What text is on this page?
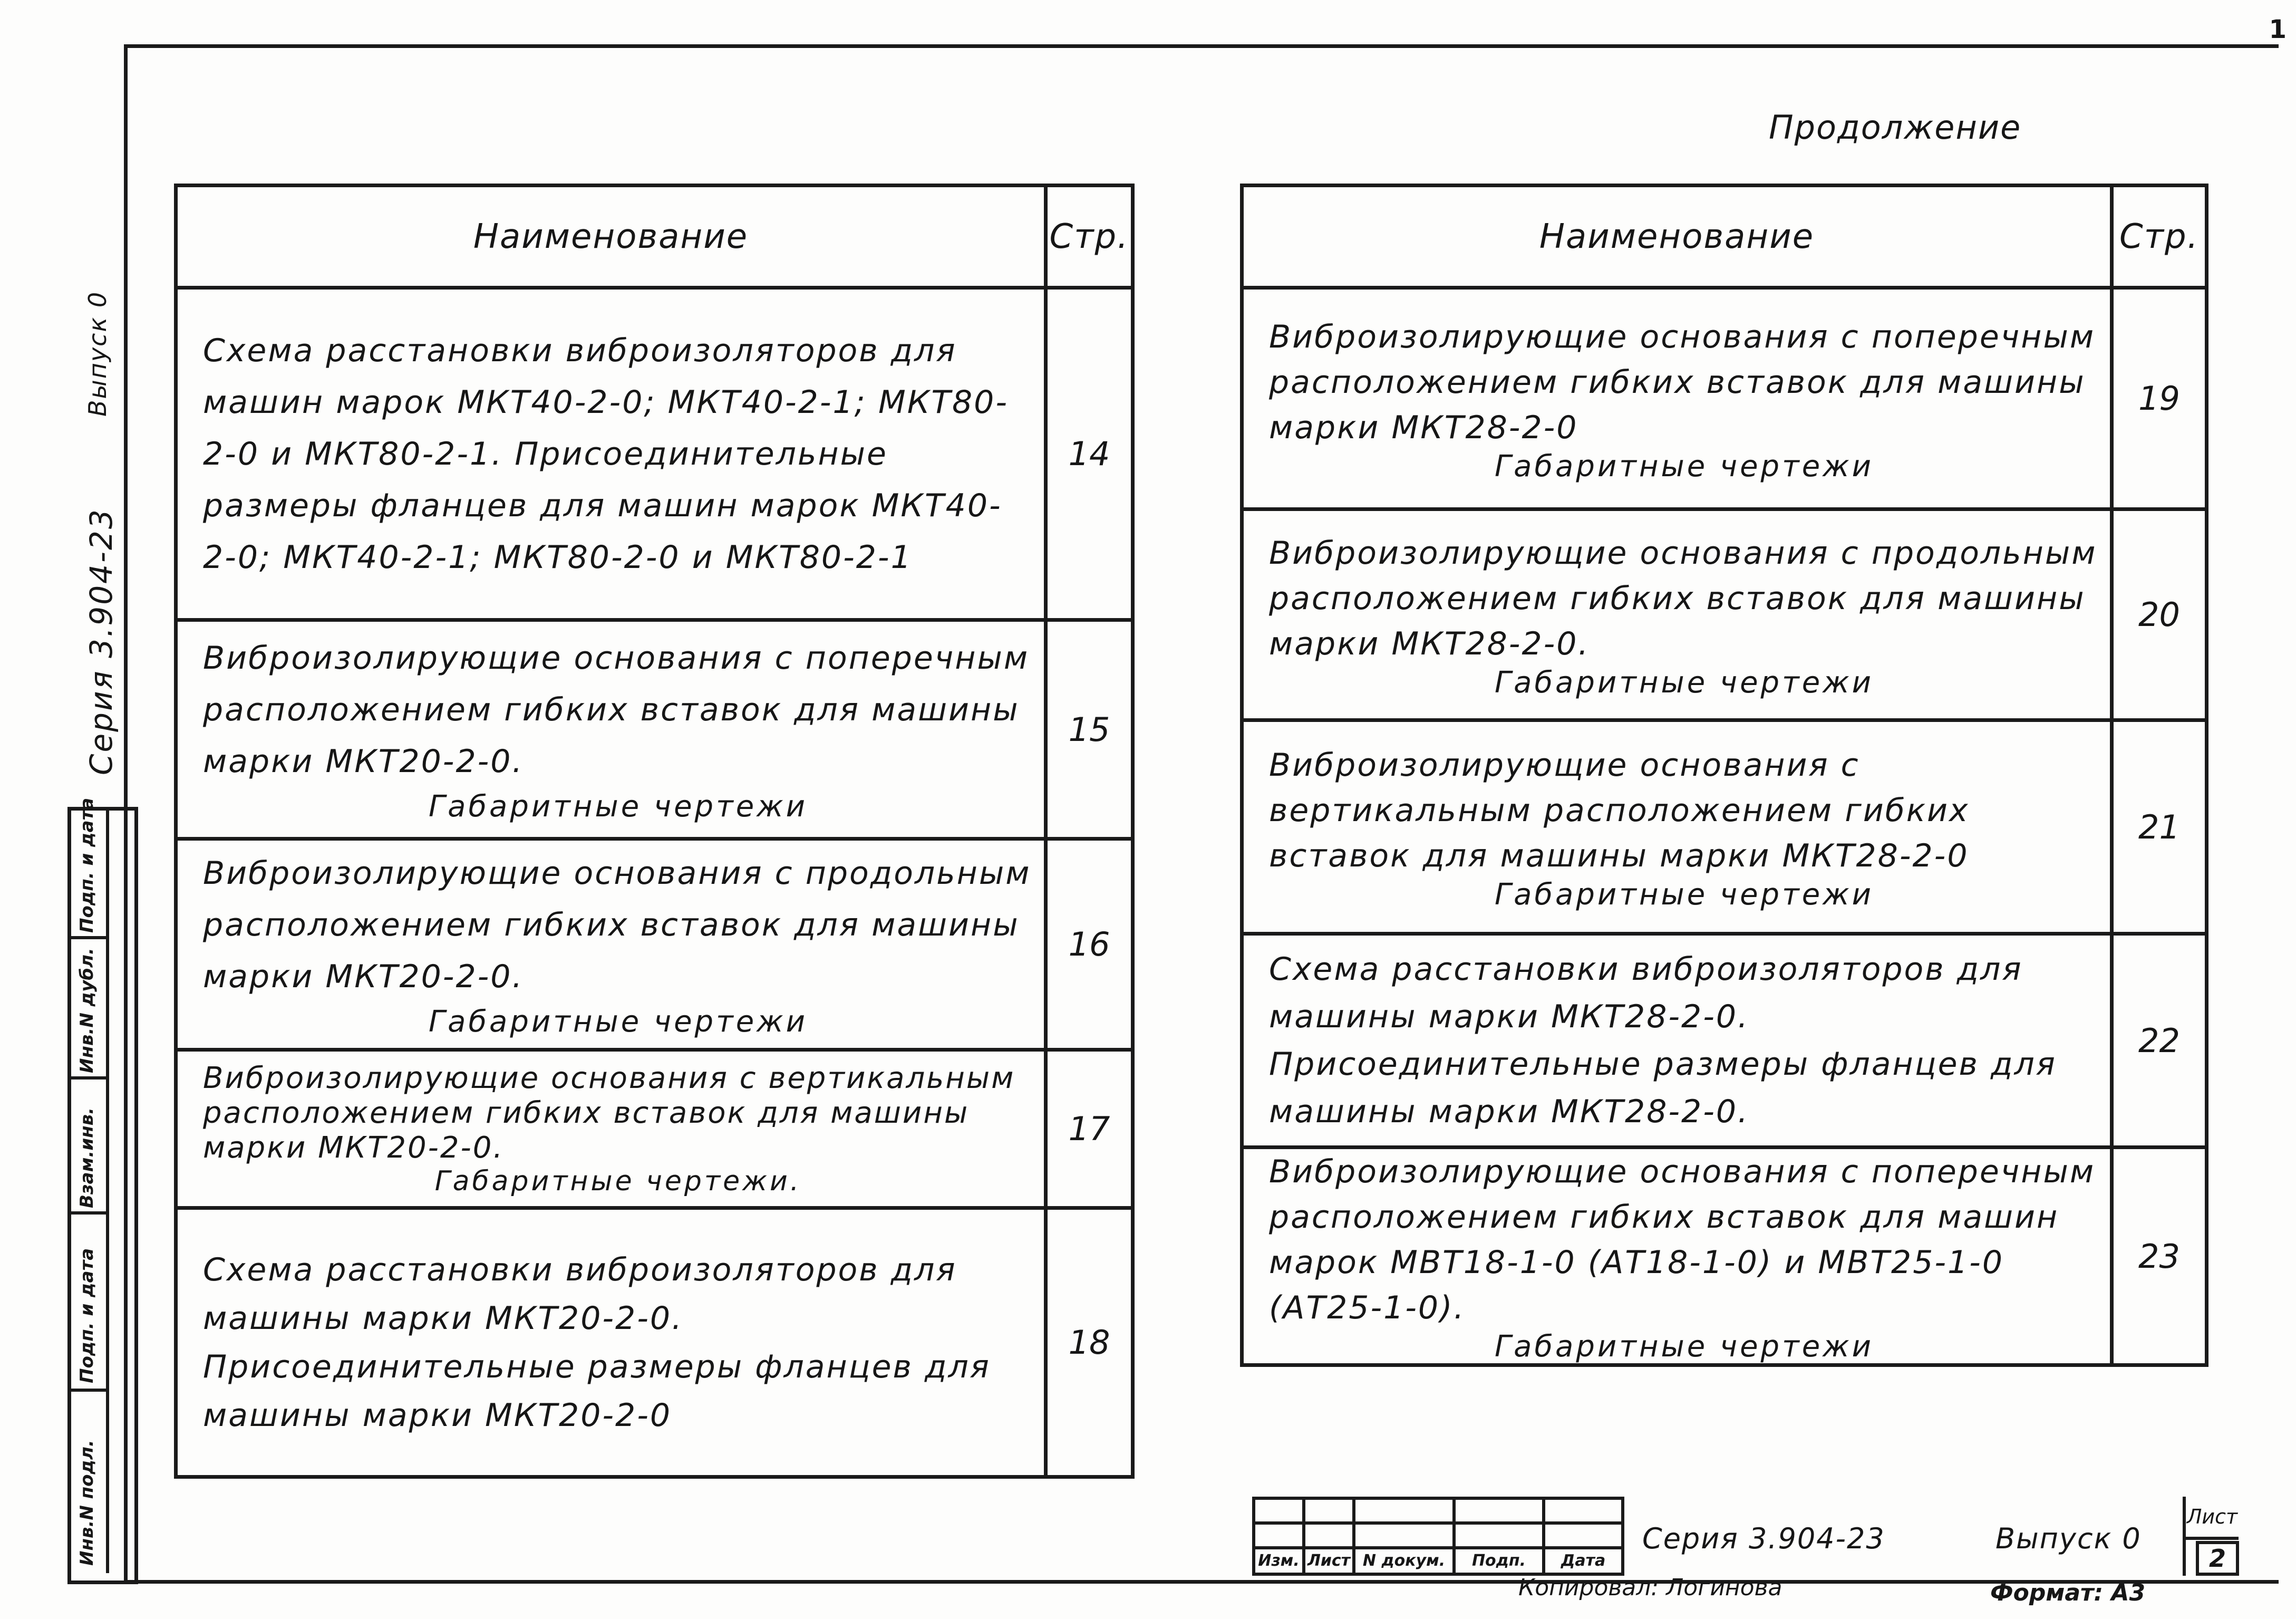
1
Продолжение
Серия 3.904-23
Выпуск 0
Подп. и дата
Инв.N дубл.
Взам.инв.
Подп. и дата
Инв.N подл.
Наименование	Стр.

Схема расстановки виброизоляторов для машин марок МКТ40-2-0; МКТ40-2-1; МКТ80-2-0 и МКТ80-2-1. Присоединительные размеры фланцев для машин марок МКТ40-2-0; МКТ40-2-1; МКТ80-2-0 и МКТ80-2-1	14

Виброизолирующие основания с поперечным расположением гибких вставок для машины марки МКТ20-2-0.
Габаритные чертежи	15

Виброизолирующие основания с продольным расположением гибких вставок для машины марки МКТ20-2-0.
Габаритные чертежи	16

Виброизолирующие основания с вертикальным расположением гибких вставок для машины марки МКТ20-2-0.
Габаритные чертежи.	17

Схема расстановки виброизоляторов для машины марки МКТ20-2-0. Присоединительные размеры фланцев для машины марки МКТ20-2-0	18
Наименование	Стр.

Виброизолирующие основания с поперечным расположением гибких вставок для машины марки МКТ28-2-0
Габаритные чертежи	19

Виброизолирующие основания с продольным расположением гибких вставок для машины марки МКТ28-2-0.
Габаритные чертежи	20

Виброизолирующие основания с вертикальным расположением гибких вставок для машины марки МКТ28-2-0
Габаритные чертежи	21

Схема расстановки виброизоляторов для машины марки МКТ28-2-0. Присоединительные размеры фланцев для машины марки МКТ28-2-0.	22

Виброизолирующие основания с поперечным расположением гибких вставок для машин марок МВТ18-1-0 (АТ18-1-0) и МВТ25-1-0 (АТ25-1-0).
Габаритные чертежи	23

Изм.	Лист	N докум.	Подп.	Дата
Серия 3.904-23	Выпуск 0
Лист
2
Копировал: Логинова	Формат: А3
